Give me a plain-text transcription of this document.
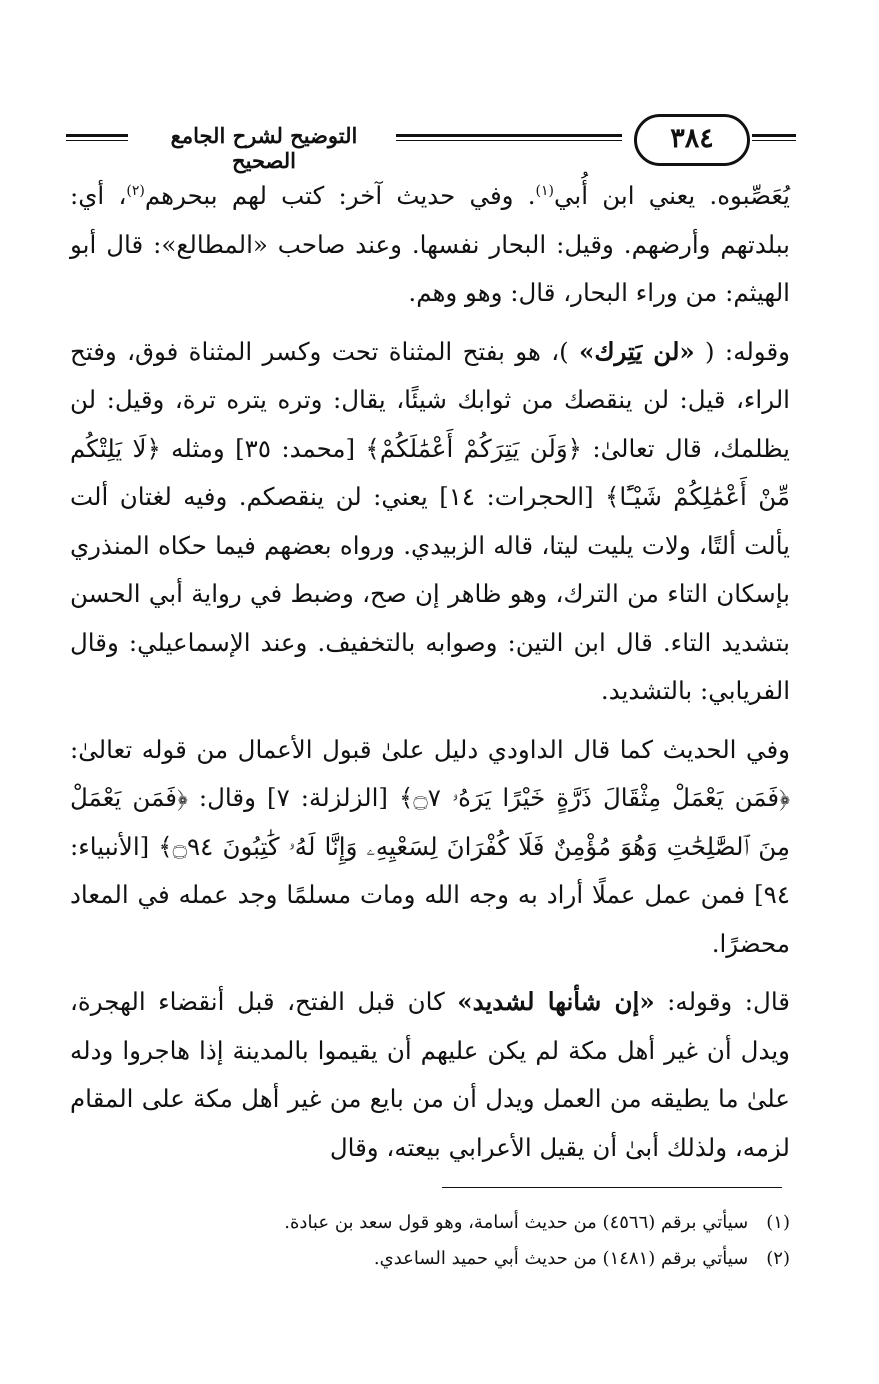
التوضيح لشرح الجامع الصحيح
٣٨٤

يُعَصِّبوه. يعني ابن أُبي$^{(١)}$. وفي حديث آخر: كتب لهم ببحرهم$^{(٢)}$، أي: ببلدتهم وأرضهم. وقيل: البحار نفسها. وعند صاحب «المطالع»: قال أبو الهيثم: من وراء البحار، قال: وهو وهم.

وقوله: ( «لن يَتِرك» )، هو بفتح المثناة تحت وكسر المثناة فوق، وفتح الراء، قيل: لن ينقصك من ثوابك شيئًا، يقال: وتره يتره ترة، وقيل: لن يظلمك، قال تعالىٰ: ﴿وَلَن يَتِرَكُمْ أَعْمَٰلَكُمْ﴾ [محمد: ٣٥] ومثله ﴿لَا يَلِتْكُم مِّنْ أَعْمَٰلِكُمْ شَيْـًٔا﴾ [الحجرات: ١٤] يعني: لن ينقصكم. وفيه لغتان ألت يألت ألتًا، ولات يليت ليتا، قاله الزبيدي. ورواه بعضهم فيما حكاه المنذري بإسكان التاء من الترك، وهو ظاهر إن صح، وضبط في رواية أبي الحسن بتشديد التاء. قال ابن التين: وصوابه بالتخفيف. وعند الإسماعيلي: وقال الفريابي: بالتشديد.

وفي الحديث كما قال الداودي دليل علىٰ قبول الأعمال من قوله تعالىٰ: ﴿فَمَن يَعْمَلْ مِثْقَالَ ذَرَّةٍ خَيْرًا يَرَهُۥ ۝٧﴾ [الزلزلة: ٧] وقال: ﴿فَمَن يَعْمَلْ مِنَ ٱلصَّٰلِحَٰتِ وَهُوَ مُؤْمِنٌ فَلَا كُفْرَانَ لِسَعْيِهِۦ وَإِنَّا لَهُۥ كَٰتِبُونَ ۝٩٤﴾ [الأنبياء: ٩٤] فمن عمل عملًا أراد به وجه الله ومات مسلمًا وجد عمله في المعاد محضرًا.

قال: وقوله: «إن شأنها لشديد» كان قبل الفتح، قبل أنقضاء الهجرة، ويدل أن غير أهل مكة لم يكن عليهم أن يقيموا بالمدينة إذا هاجروا ودله علىٰ ما يطيقه من العمل ويدل أن من بايع من غير أهل مكة على المقام لزمه، ولذلك أبىٰ أن يقيل الأعرابي بيعته، وقال

(١)سيأتي برقم (٤٥٦٦) من حديث أسامة، وهو قول سعد بن عبادة.
(٢)سيأتي برقم (١٤٨١) من حديث أبي حميد الساعدي.
